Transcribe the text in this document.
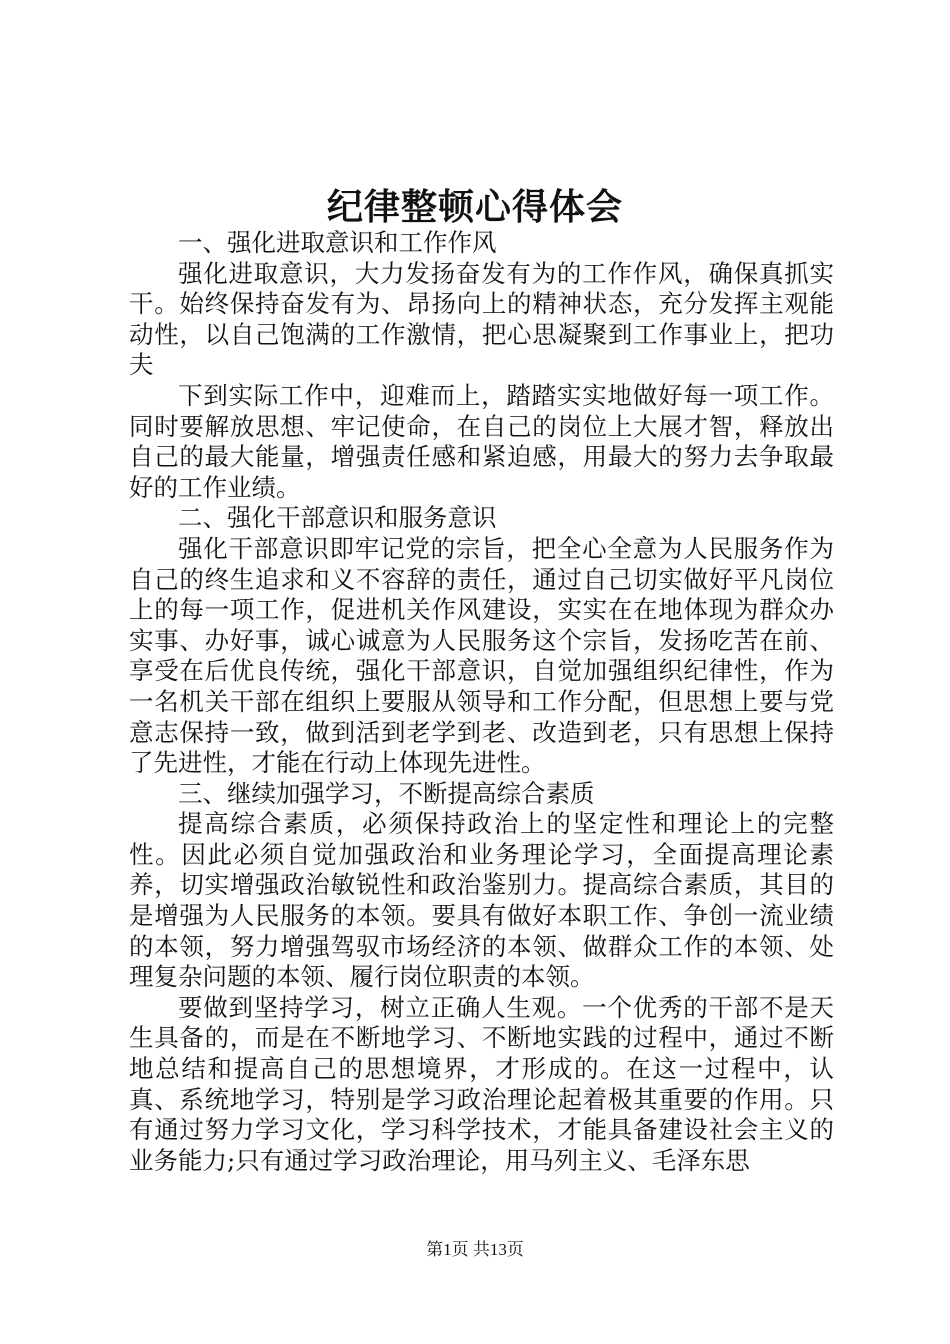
纪律整顿心得体会

一、强化进取意识和工作作风

强化进取意识，大力发扬奋发有为的工作作风，确保真抓实干。始终保持奋发有为、昂扬向上的精神状态，充分发挥主观能动性，以自己饱满的工作激情，把心思凝聚到工作事业上，把功夫

下到实际工作中，迎难而上，踏踏实实地做好每一项工作。同时要解放思想、牢记使命，在自己的岗位上大展才智，释放出自己的最大能量，增强责任感和紧迫感，用最大的努力去争取最好的工作业绩。

二、强化干部意识和服务意识

强化干部意识即牢记党的宗旨，把全心全意为人民服务作为自己的终生追求和义不容辞的责任，通过自己切实做好平凡岗位上的每一项工作，促进机关作风建设，实实在在地体现为群众办实事、办好事，诚心诚意为人民服务这个宗旨，发扬吃苦在前、享受在后优良传统，强化干部意识，自觉加强组织纪律性，作为一名机关干部在组织上要服从领导和工作分配，但思想上要与党意志保持一致，做到活到老学到老、改造到老，只有思想上保持了先进性，才能在行动上体现先进性。

三、继续加强学习，不断提高综合素质

提高综合素质，必须保持政治上的坚定性和理论上的完整性。因此必须自觉加强政治和业务理论学习，全面提高理论素养，切实增强政治敏锐性和政治鉴别力。提高综合素质，其目的是增强为人民服务的本领。要具有做好本职工作、争创一流业绩的本领，努力增强驾驭市场经济的本领、做群众工作的本领、处理复杂问题的本领、履行岗位职责的本领。

要做到坚持学习，树立正确人生观。一个优秀的干部不是天生具备的，而是在不断地学习、不断地实践的过程中，通过不断地总结和提高自己的思想境界，才形成的。在这一过程中，认真、系统地学习，特别是学习政治理论起着极其重要的作用。只有通过努力学习文化，学习科学技术，才能具备建设社会主义的业务能力;只有通过学习政治理论，用马列主义、毛泽东思

第1页 共13页
